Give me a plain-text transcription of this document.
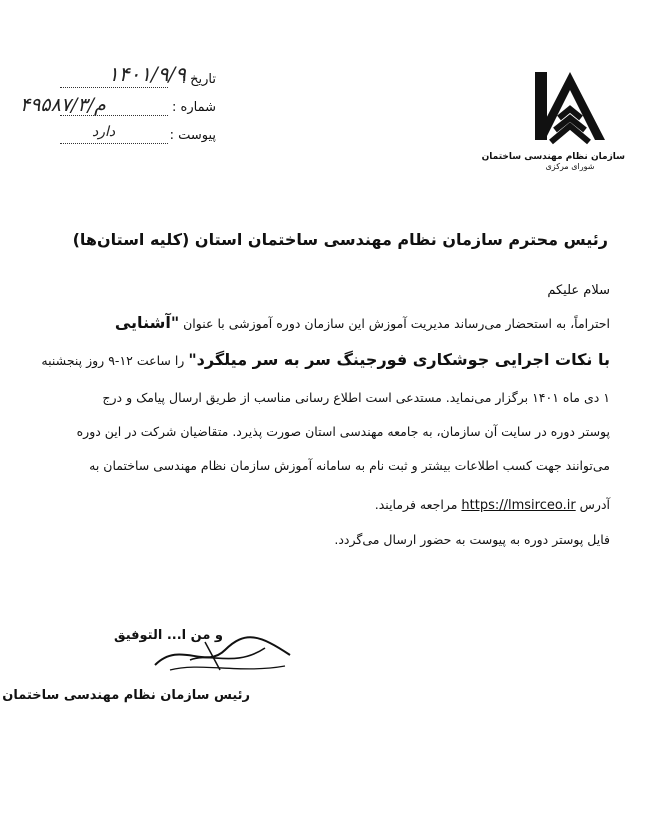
سازمان نظام مهندسی ساختمان
شورای مرکزی
تاریخ :
۱۴۰۱/۹/۹
شماره :
۴۹۵۸۷/۳/م
پیوست :
دارد
رئیس محترم سازمان نظام مهندسی ساختمان استان (کلیه استان‌ها)
سلام علیکم
احتراماً، به استحضار می‌رساند مدیریت آموزش این سازمان دوره آموزشی با عنوان "آشنایی
با نکات اجرایی جوشکاری فورجینگ سر به سر میلگرد" را ساعت ۱۲-۹ روز پنجشنبه
۱ دی ماه ۱۴۰۱ برگزار می‌نماید. مستدعی است اطلاع رسانی مناسب از طریق ارسال پیامک و درج
پوستر دوره در سایت آن سازمان، به جامعه مهندسی استان صورت پذیرد. متقاضیان شرکت در این دوره
می‌توانند جهت کسب اطلاعات بیشتر و ثبت نام به سامانه آموزش سازمان نظام مهندسی ساختمان به
آدرس https://lmsirceo.ir مراجعه فرمایند.
فایل پوستر دوره به پیوست به حضور ارسال می‌گردد.
و من ا... التوفیق
رئیس سازمان نظام مهندسی ساختمان
